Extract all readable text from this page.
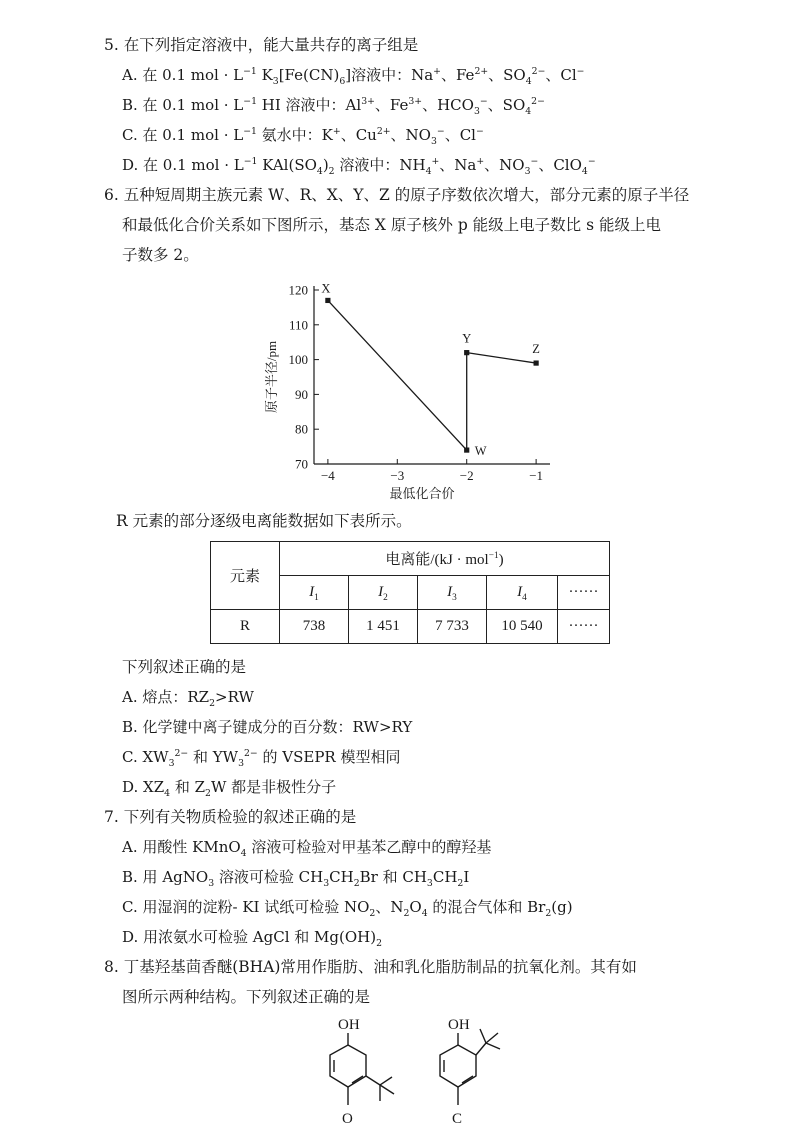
5. 在下列指定溶液中，能大量共存的离子组是
A. 在 0.1 mol · $L^{-1}$ $K_3[Fe(CN)_6]$溶液中：Na+、$Fe^{2+}$、$SO_4^{2-}$、Cl−
B. 在 0.1 mol · $L^{-1}$ HI 溶液中：$Al^{3+}$、$Fe^{3+}$、$HCO_3^-$、$SO_4^{2-}$
C. 在 0.1 mol · $L^{-1}$ 氨水中：K+、$Cu^{2+}$、$NO_3^-$、Cl−
D. 在 0.1 mol · $L^{-1}$ $KAl(SO_4)_2$ 溶液中：$NH_4^+$、Na+、$NO_3^-$、ClO$_4$−
6. 五种短周期主族元素 W、R、X、Y、Z 的原子序数依次增大，部分元素的原子半径
和最低化合价关系如下图所示，基态 X 原子核外 p 能级上电子数比 s 能级上电
子数多 2。
70
80
90
100
110
120
−4	−3	−2	−1
X
W
Y
Z
原子半径/pm
最低化合价
R 元素的部分逐级电离能数据如下表所示。
元素	电离能/(kJ · mol$^{-1}$)				
	$I_1$	$I_2$	$I_3$	$I_4$	······
R	738	1 451	7 733	10 540	······
下列叙述正确的是
A. 熔点：$RZ_2>RW$
B. 化学键中离子键成分的百分数：RW>RY
C. $XW_3^{2-}$ 和 $YW_3^{2-}$ 的 VSEPR 模型相同
D. $XZ_4$ 和 $Z_2W$ 都是非极性分子
7. 下列有关物质检验的叙述正确的是
A. 用酸性 KMnO$_4$ 溶液可检验对甲基苯乙醇中的醇羟基
B. 用 AgNO$_3$ 溶液可检验 $CH_3CH_2Br$ 和 $CH_3CH_2I$
C. 用湿润的淀粉- KI 试纸可检验 $NO_2$、$N_2O_4$ 的混合气体和 $Br_2(g)$
D. 用浓氨水可检验 AgCl 和 $Mg(OH)_2$
8. 丁基羟基茴香醚(BHA)常用作脂肪、油和乳化脂肪制品的抗氧化剂。其有如
图所示两种结构。下列叙述正确的是
OH
O
OH
C
